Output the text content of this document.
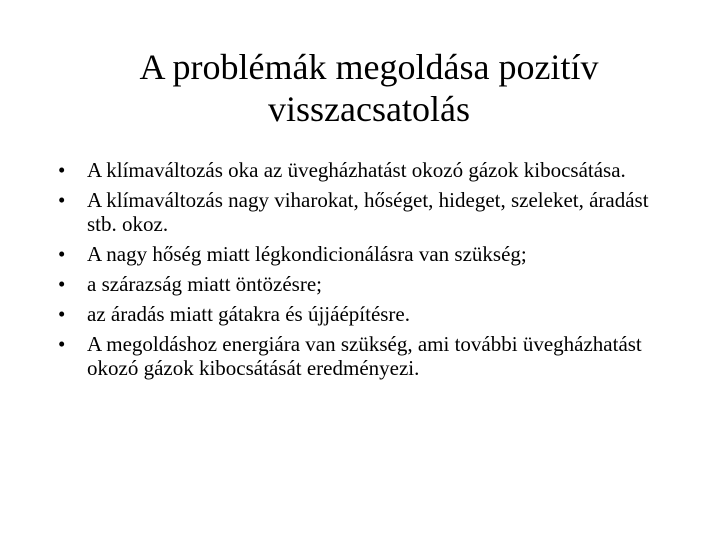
A problémák megoldása pozitív
visszacsatolás
• A klímaváltozás oka az üvegházhatást okozó gázok kibocsátása.
• A klímaváltozás nagy viharokat, hőséget, hideget, szeleket, áradást stb. okoz.
• A nagy hőség miatt légkondicionálásra van szükség;
• a szárazság miatt öntözésre;
• az áradás miatt gátakra és újjáépítésre.
• A megoldáshoz energiára van szükség, ami további üvegházhatást okozó gázok kibocsátását eredményezi.
